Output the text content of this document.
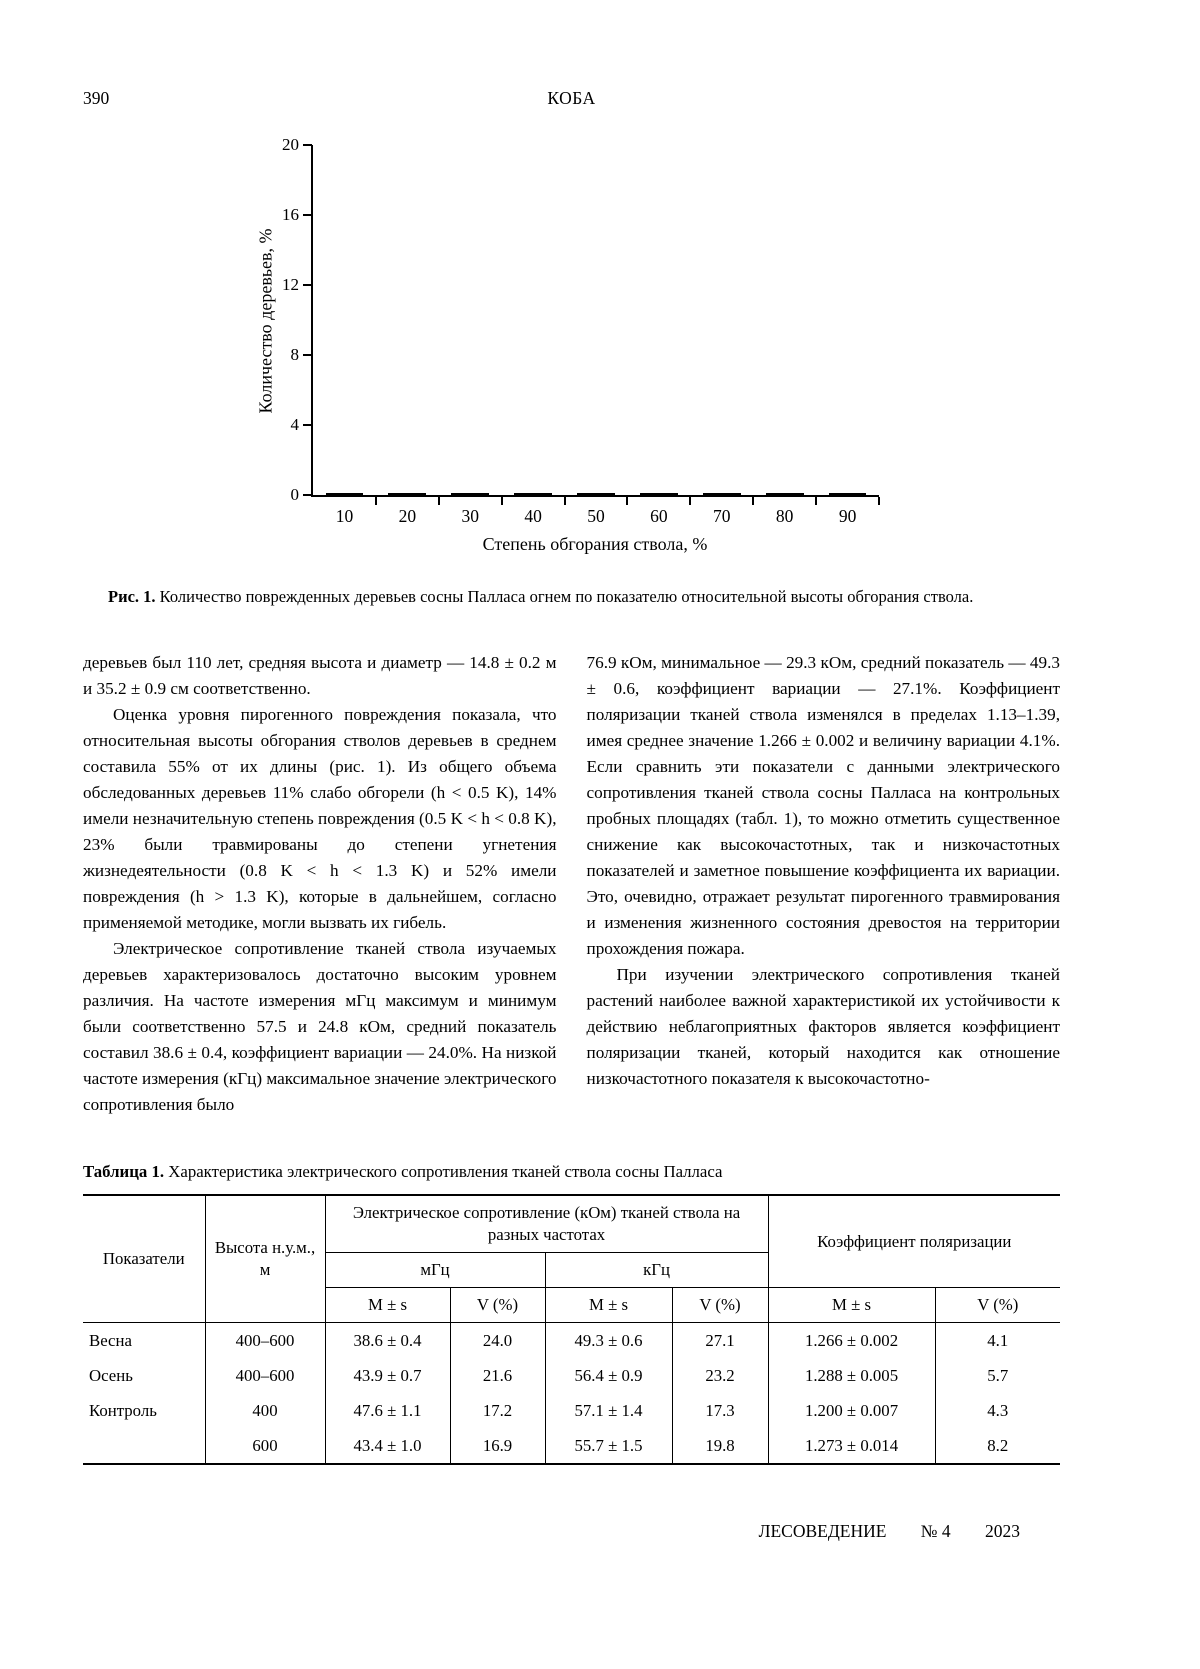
390	КОБА
Количество деревьев, %
0
4
8
12
16
20
10	20	30	40	50	60	70	80	90
Степень обгорания ствола, %
Рис. 1. Количество поврежденных деревьев сосны Палласа огнем по показателю относительной высоты обгорания ствола.

деревьев был 110 лет, средняя высота и диаметр — 14.8 ± 0.2 м и 35.2 ± 0.9 см соответственно.

Оценка уровня пирогенного повреждения показала, что относительная высоты обгорания стволов деревьев в среднем составила 55% от их длины (рис. 1). Из общего объема обследованных деревьев 11% слабо обгорели (h < 0.5 K), 14% имели незначительную степень повреждения (0.5 K < h < 0.8 K), 23% были травмированы до степени угнетения жизнедеятельности (0.8 K < h < 1.3 K) и 52% имели повреждения (h > 1.3 K), которые в дальнейшем, согласно применяемой методике, могли вызвать их гибель.

Электрическое сопротивление тканей ствола изучаемых деревьев характеризовалось достаточно высоким уровнем различия. На частоте измерения мГц максимум и минимум были соответственно 57.5 и 24.8 кОм, средний показатель составил 38.6 ± 0.4, коэффициент вариации — 24.0%. На низкой частоте измерения (кГц) максимальное значение электрического сопротивления было

76.9 кОм, минимальное — 29.3 кОм, средний показатель — 49.3 ± 0.6, коэффициент вариации — 27.1%. Коэффициент поляризации тканей ствола изменялся в пределах 1.13–1.39, имея среднее значение 1.266 ± 0.002 и величину вариации 4.1%. Если сравнить эти показатели с данными электрического сопротивления тканей ствола сосны Палласа на контрольных пробных площадях (табл. 1), то можно отметить существенное снижение как высокочастотных, так и низкочастотных показателей и заметное повышение коэффициента их вариации. Это, очевидно, отражает результат пирогенного травмирования и изменения жизненного состояния древостоя на территории прохождения пожара.

При изучении электрического сопротивления тканей растений наиболее важной характеристикой их устойчивости к действию неблагоприятных факторов является коэффициент поляризации тканей, который находится как отношение низкочастотного показателя к высокочастотно-

Таблица 1. Характеристика электрического сопротивления тканей ствола сосны Палласа
Показатели	Высота н.у.м., м	Электрическое сопротивление (кОм) тканей ствола на разных частотах				Коэффициент поляризации	
		мГц		кГц			
		M ± s	V (%)	M ± s	V (%)	M ± s	V (%)
Весна	400–600	38.6 ± 0.4	24.0	49.3 ± 0.6	27.1	1.266 ± 0.002	4.1
Осень	400–600	43.9 ± 0.7	21.6	56.4 ± 0.9	23.2	1.288 ± 0.005	5.7
Контроль	400	47.6 ± 1.1	17.2	57.1 ± 1.4	17.3	1.200 ± 0.007	4.3
	600	43.4 ± 1.0	16.9	55.7 ± 1.5	19.8	1.273 ± 0.014	8.2
ЛЕСОВЕДЕНИЕ № 4 2023
